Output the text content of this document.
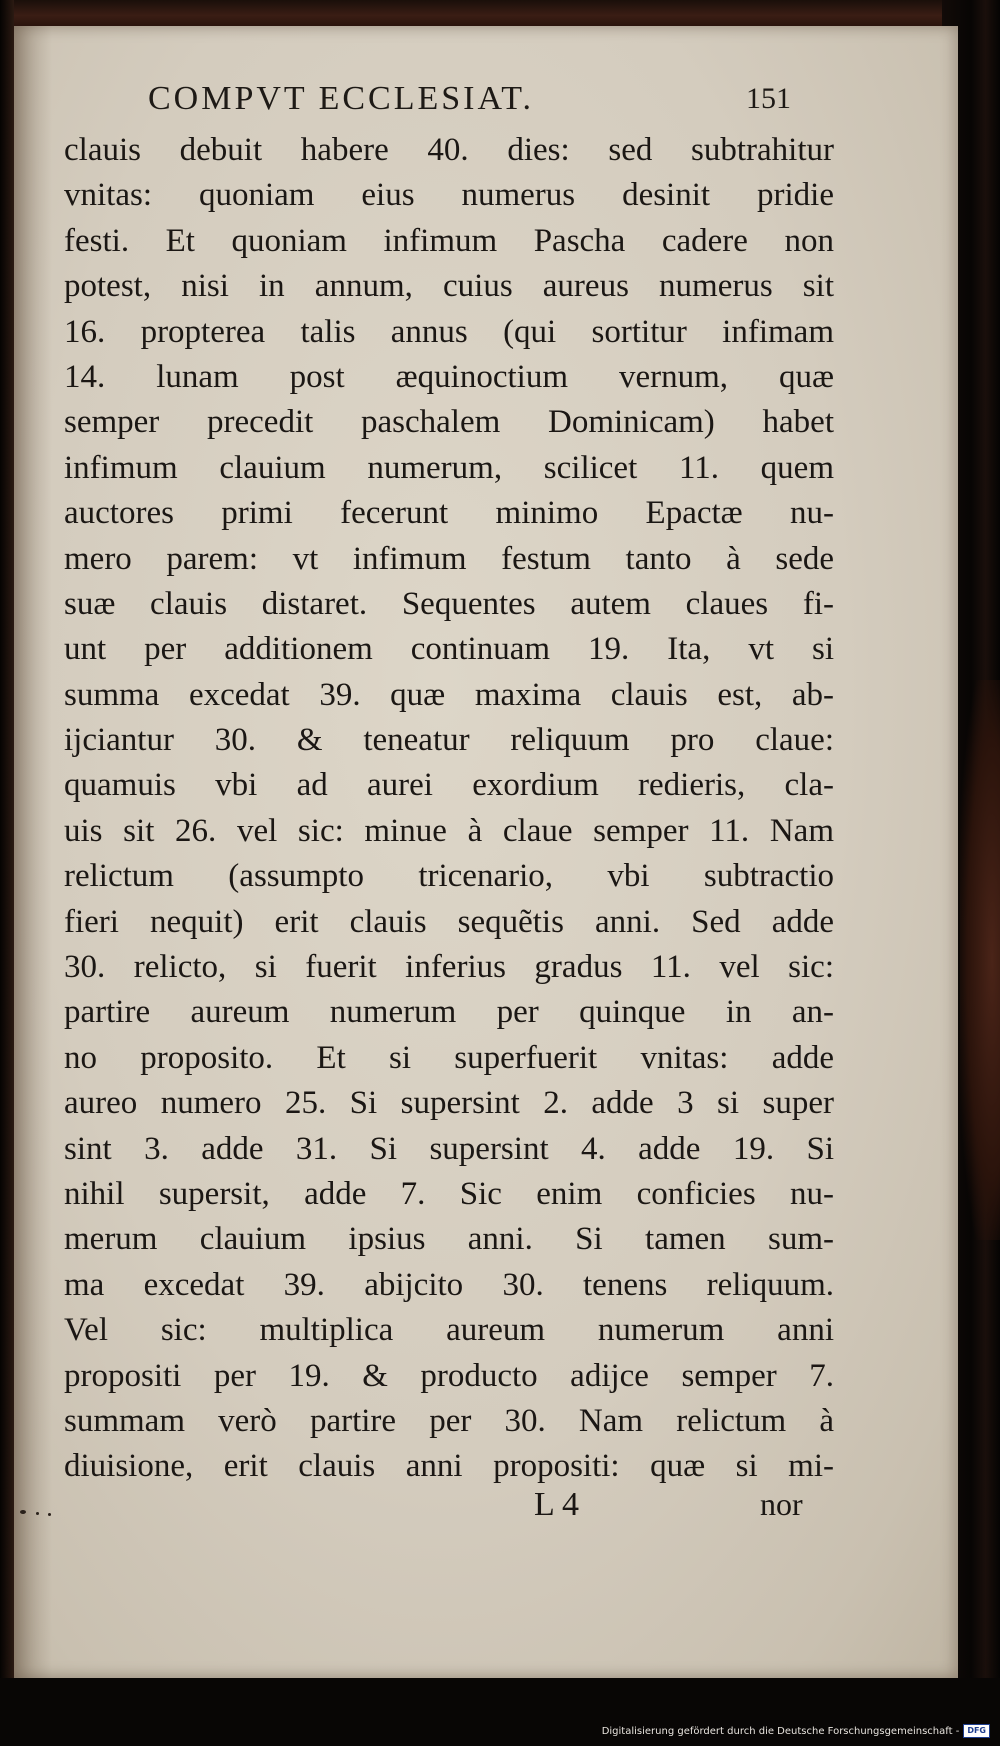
COMPVT ECCLESIAT.	151
clauis debuit habere 40. dies: sed subtrahitur
vnitas: quoniam eius numerus desinit pridie
festi. Et quoniam infimum Pascha cadere non
potest, nisi in annum, cuius aureus numerus sit
16. propterea talis annus (qui sortitur infimam
14. lunam post æquinoctium vernum, quæ
semper precedit paschalem Dominicam) habet
infimum clauium numerum, scilicet 11. quem
auctores primi fecerunt minimo Epactæ nu-
mero parem: vt infimum festum tanto à sede
suæ clauis distaret. Sequentes autem claues fi-
unt per additionem continuam 19. Ita, vt si
summa excedat 39. quæ maxima clauis est, ab-
ijciantur 30. & teneatur reliquum pro claue:
quamuis vbi ad aurei exordium redieris, cla-
uis sit 26. vel sic: minue à claue semper 11. Nam
relictum (assumpto tricenario, vbi subtractio
fieri nequit) erit clauis sequẽtis anni. Sed adde
30. relicto, si fuerit inferius gradus 11. vel sic:
partire aureum numerum per quinque in an-
no proposito. Et si superfuerit vnitas: adde
aureo numero 25. Si supersint 2. adde 3 si super
sint 3. adde 31. Si supersint 4. adde 19. Si
nihil supersit, adde 7. Sic enim conficies nu-
merum clauium ipsius anni. Si tamen sum-
ma excedat 39. abijcito 30. tenens reliquum.
Vel sic: multiplica aureum numerum anni
propositi per 19. & producto adijce semper 7.
summam verò partire per 30. Nam relictum à
diuisione, erit clauis anni propositi: quæ si mi-
L 4	nor
Digitalisierung gefördert durch die Deutsche Forschungsgemeinschaft -	DFG
